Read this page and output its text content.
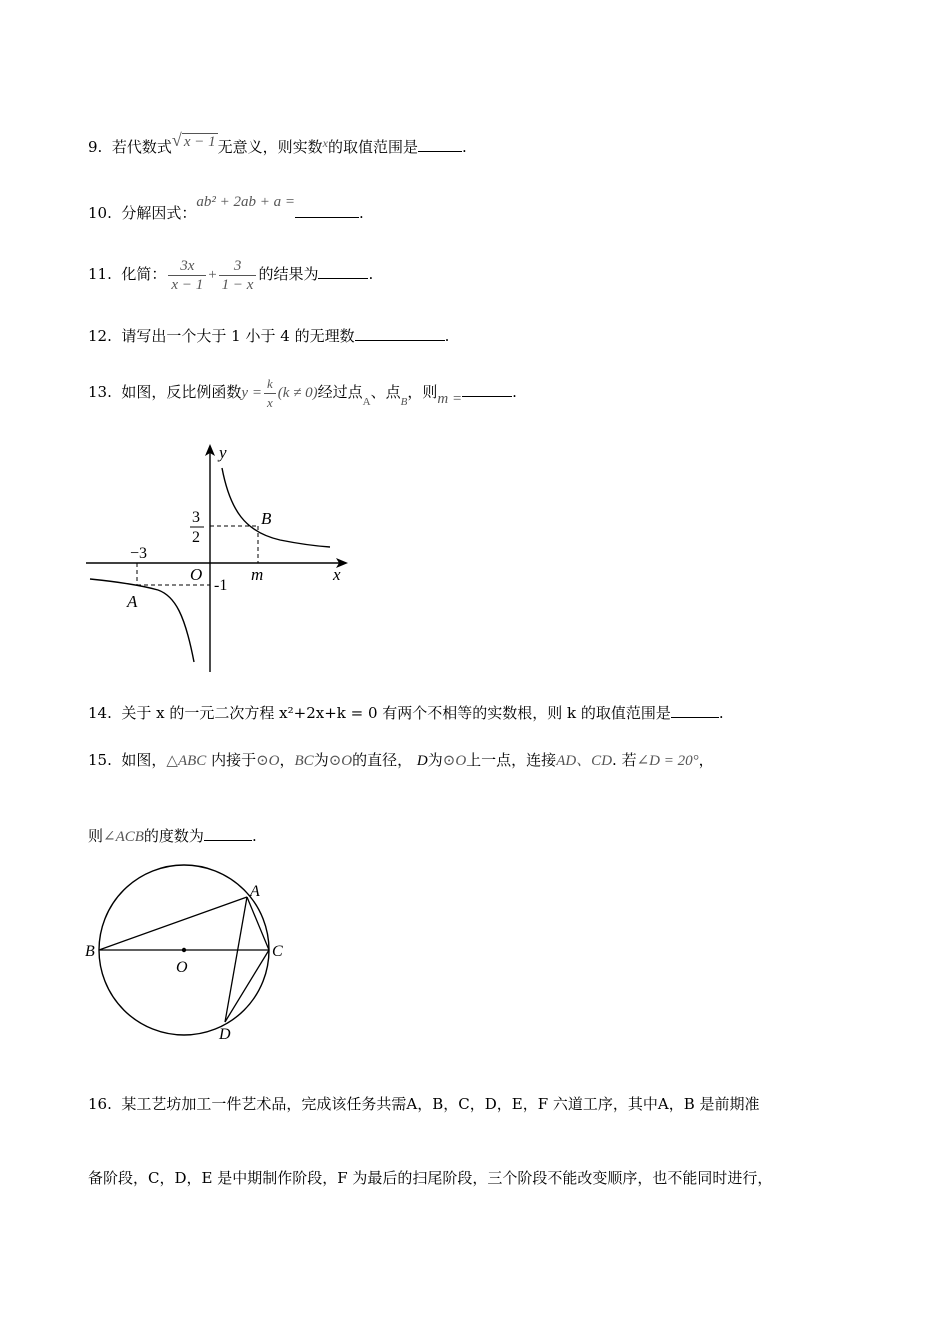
9. 若代数式 √ x − 1 无意义，则实数$^x$的取值范围是	.
10. 分解因式：ab² + 2ab + a =.
11. 化简： $\frac{3x}{x - 1} + \frac{3}{1 - x}$ 的结果为	.
12. 请写出一个大于 1 小于 4 的无理数	.
13. 如图，反比例函数$y = \frac{k}{x} (k \ne 0)$经过点$_A$、点$_B$，则m =	.
y
x
O
B
A
m
−3
-1
3
2
14. 关于 x 的一元二次方程 x²+2x+k = 0 有两个不相等的实数根，则 k 的取值范围是	.
15. 如图，△ABC 内接于⊙O，BC为⊙O的直径， D为⊙O上一点，连接AD、CD. 若∠D = 20°，
则∠ACB的度数为	.
A
B	C
D
O
16. 某工艺坊加工一件艺术品，完成该任务共需A，B，C，D，E，F 六道工序，其中A，B 是前期准
备阶段，C，D，E 是中期制作阶段，F 为最后的扫尾阶段，三个阶段不能改变顺序，也不能同时进行，
